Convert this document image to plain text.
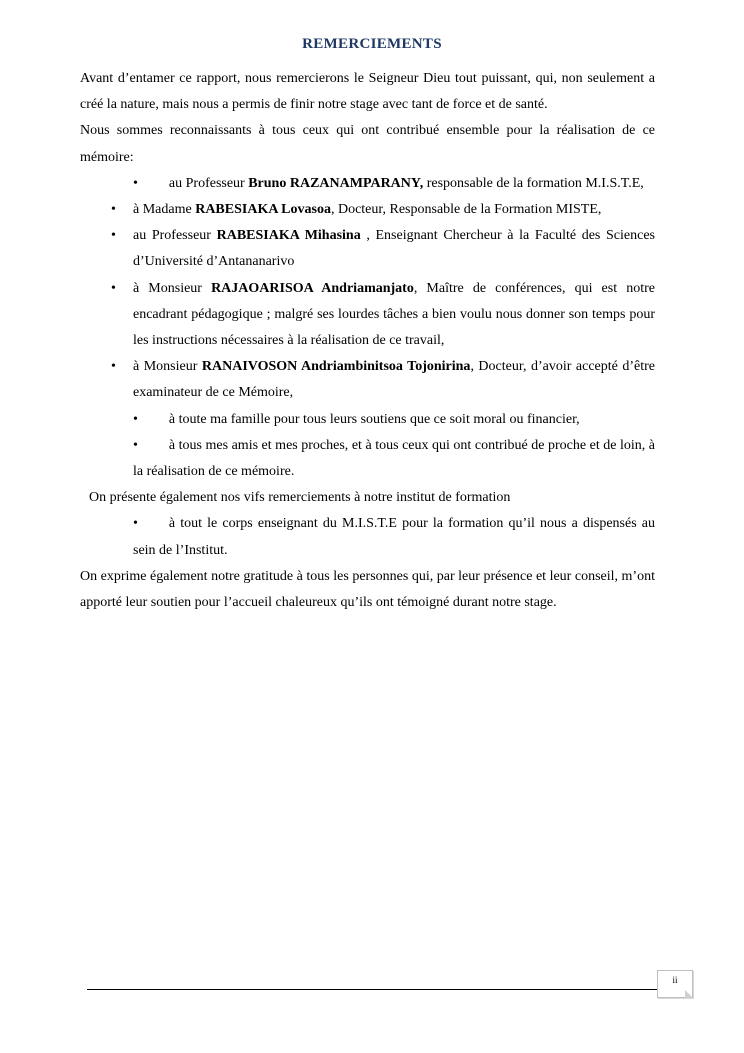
REMERCIEMENTS

Avant d’entamer ce rapport, nous remercierons le Seigneur Dieu tout puissant, qui, non seulement a créé la nature, mais nous a permis de finir notre stage avec tant de force et de santé.

Nous sommes reconnaissants à tous ceux qui ont contribué ensemble pour la réalisation de ce mémoire:

• au Professeur Bruno RAZANAMPARANY, responsable de la formation M.I.S.T.E,

• à Madame RABESIAKA Lovasoa, Docteur, Responsable de la Formation MISTE,

• au Professeur RABESIAKA Mihasina , Enseignant Chercheur à la Faculté des Sciences d’Université d’Antananarivo

• à Monsieur RAJAOARISOA Andriamanjato, Maître de conférences, qui est notre encadrant pédagogique ; malgré ses lourdes tâches a bien voulu nous donner son temps pour les instructions nécessaires à la réalisation de ce travail,

• à Monsieur RANAIVOSON Andriambinitsoa Tojonirina, Docteur, d’avoir accepté d’être examinateur de ce Mémoire,

• à toute ma famille pour tous leurs soutiens que ce soit moral ou financier,

• à tous mes amis et mes proches, et à tous ceux qui ont contribué de proche et de loin, à la réalisation de ce mémoire.

On présente également nos vifs remerciements à notre institut de formation

• à tout le corps enseignant du M.I.S.T.E pour la formation qu’il nous a dispensés au sein de l’Institut.

On exprime également notre gratitude à tous les personnes qui, par leur présence et leur conseil, m’ont apporté leur soutien pour l’accueil chaleureux qu’ils ont témoigné durant notre stage.

ii
